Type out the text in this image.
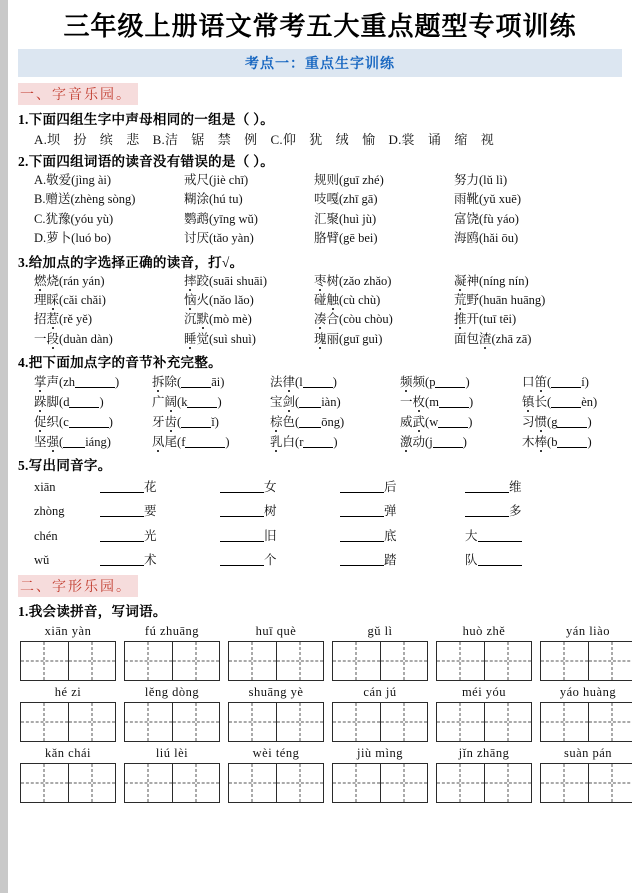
三年级上册语文常考五大重点题型专项训练
考点一：重点生字训练
一、字音乐园。
1.下面四组生字中声母相同的一组是（ ）。
A.坝　扮　缤　悲　B.洁　锯　禁　例　C.仰　犹　绒　愉　D.裳　诵　缩　视
2.下面四组词语的读音没有错误的是（ ）。
A.敬爱(jìng ài)	戒尺(jiè chī)	规则(guī zhé)	努力(lǔ lì)
B.赠送(zhèng sòng)	糊涂(hú tu)	吱嘎(zhī gā)	雨靴(yǔ xuē)
C.犹豫(yóu yù)	鹦鹉(yīng wǔ)	汇聚(huì jù)	富饶(fù yáo)
D.萝卜(luó bo)	讨厌(tǎo yàn)	胳臂(gē bei)	海鸥(hǎi ōu)
3.给加点的字选择正确的读音，打√。
燃烧(rán yán)	摔跤(suāi shuāi)	枣树(zǎo zhǎo)	凝神(níng nín)
理睬(cǎi chǎi)	恼火(nǎo lǎo)	碰触(cù chù)	荒野(huān huāng)
招惹(rě yě)	沉默(mò mè)	凑合(còu chòu)	推开(tuī tēi)
一段(duàn dàn)	睡觉(suì shuì)	瑰丽(guī guì)	面包渣(zhā zā)
4.把下面加点字的音节补充完整。
掌声(zh	)	拆除( āi)	法律(l )	频频(p )	口笛( í)
跺脚(d )	广阔(k )	宝剑( iàn)	一枚(m )	镇长( èn)
促织(c	)	牙齿( ǐ)	棕色( ōng)	威武(w )	习惯(g )
坚强( iáng)	凤尾(f	)	乳白(r )	激动(j )	木棒(b )
5.写出同音字。
xiān	花	女	后	维
zhòng	要	树	弹	多
chén	光	旧	底	大
wǔ	术	个	踏	队
二、字形乐园。
1.我会读拼音，写词语。
xiān yàn	fú zhuāng	huī què	gǔ lì	huò zhě	yán liào
hé zi	lěng dòng	shuāng yè	cán jú	méi yóu	yáo huàng
kǎn chái	liú lèi	wèi téng	jiù mìng	jǐn zhāng	suàn pán
